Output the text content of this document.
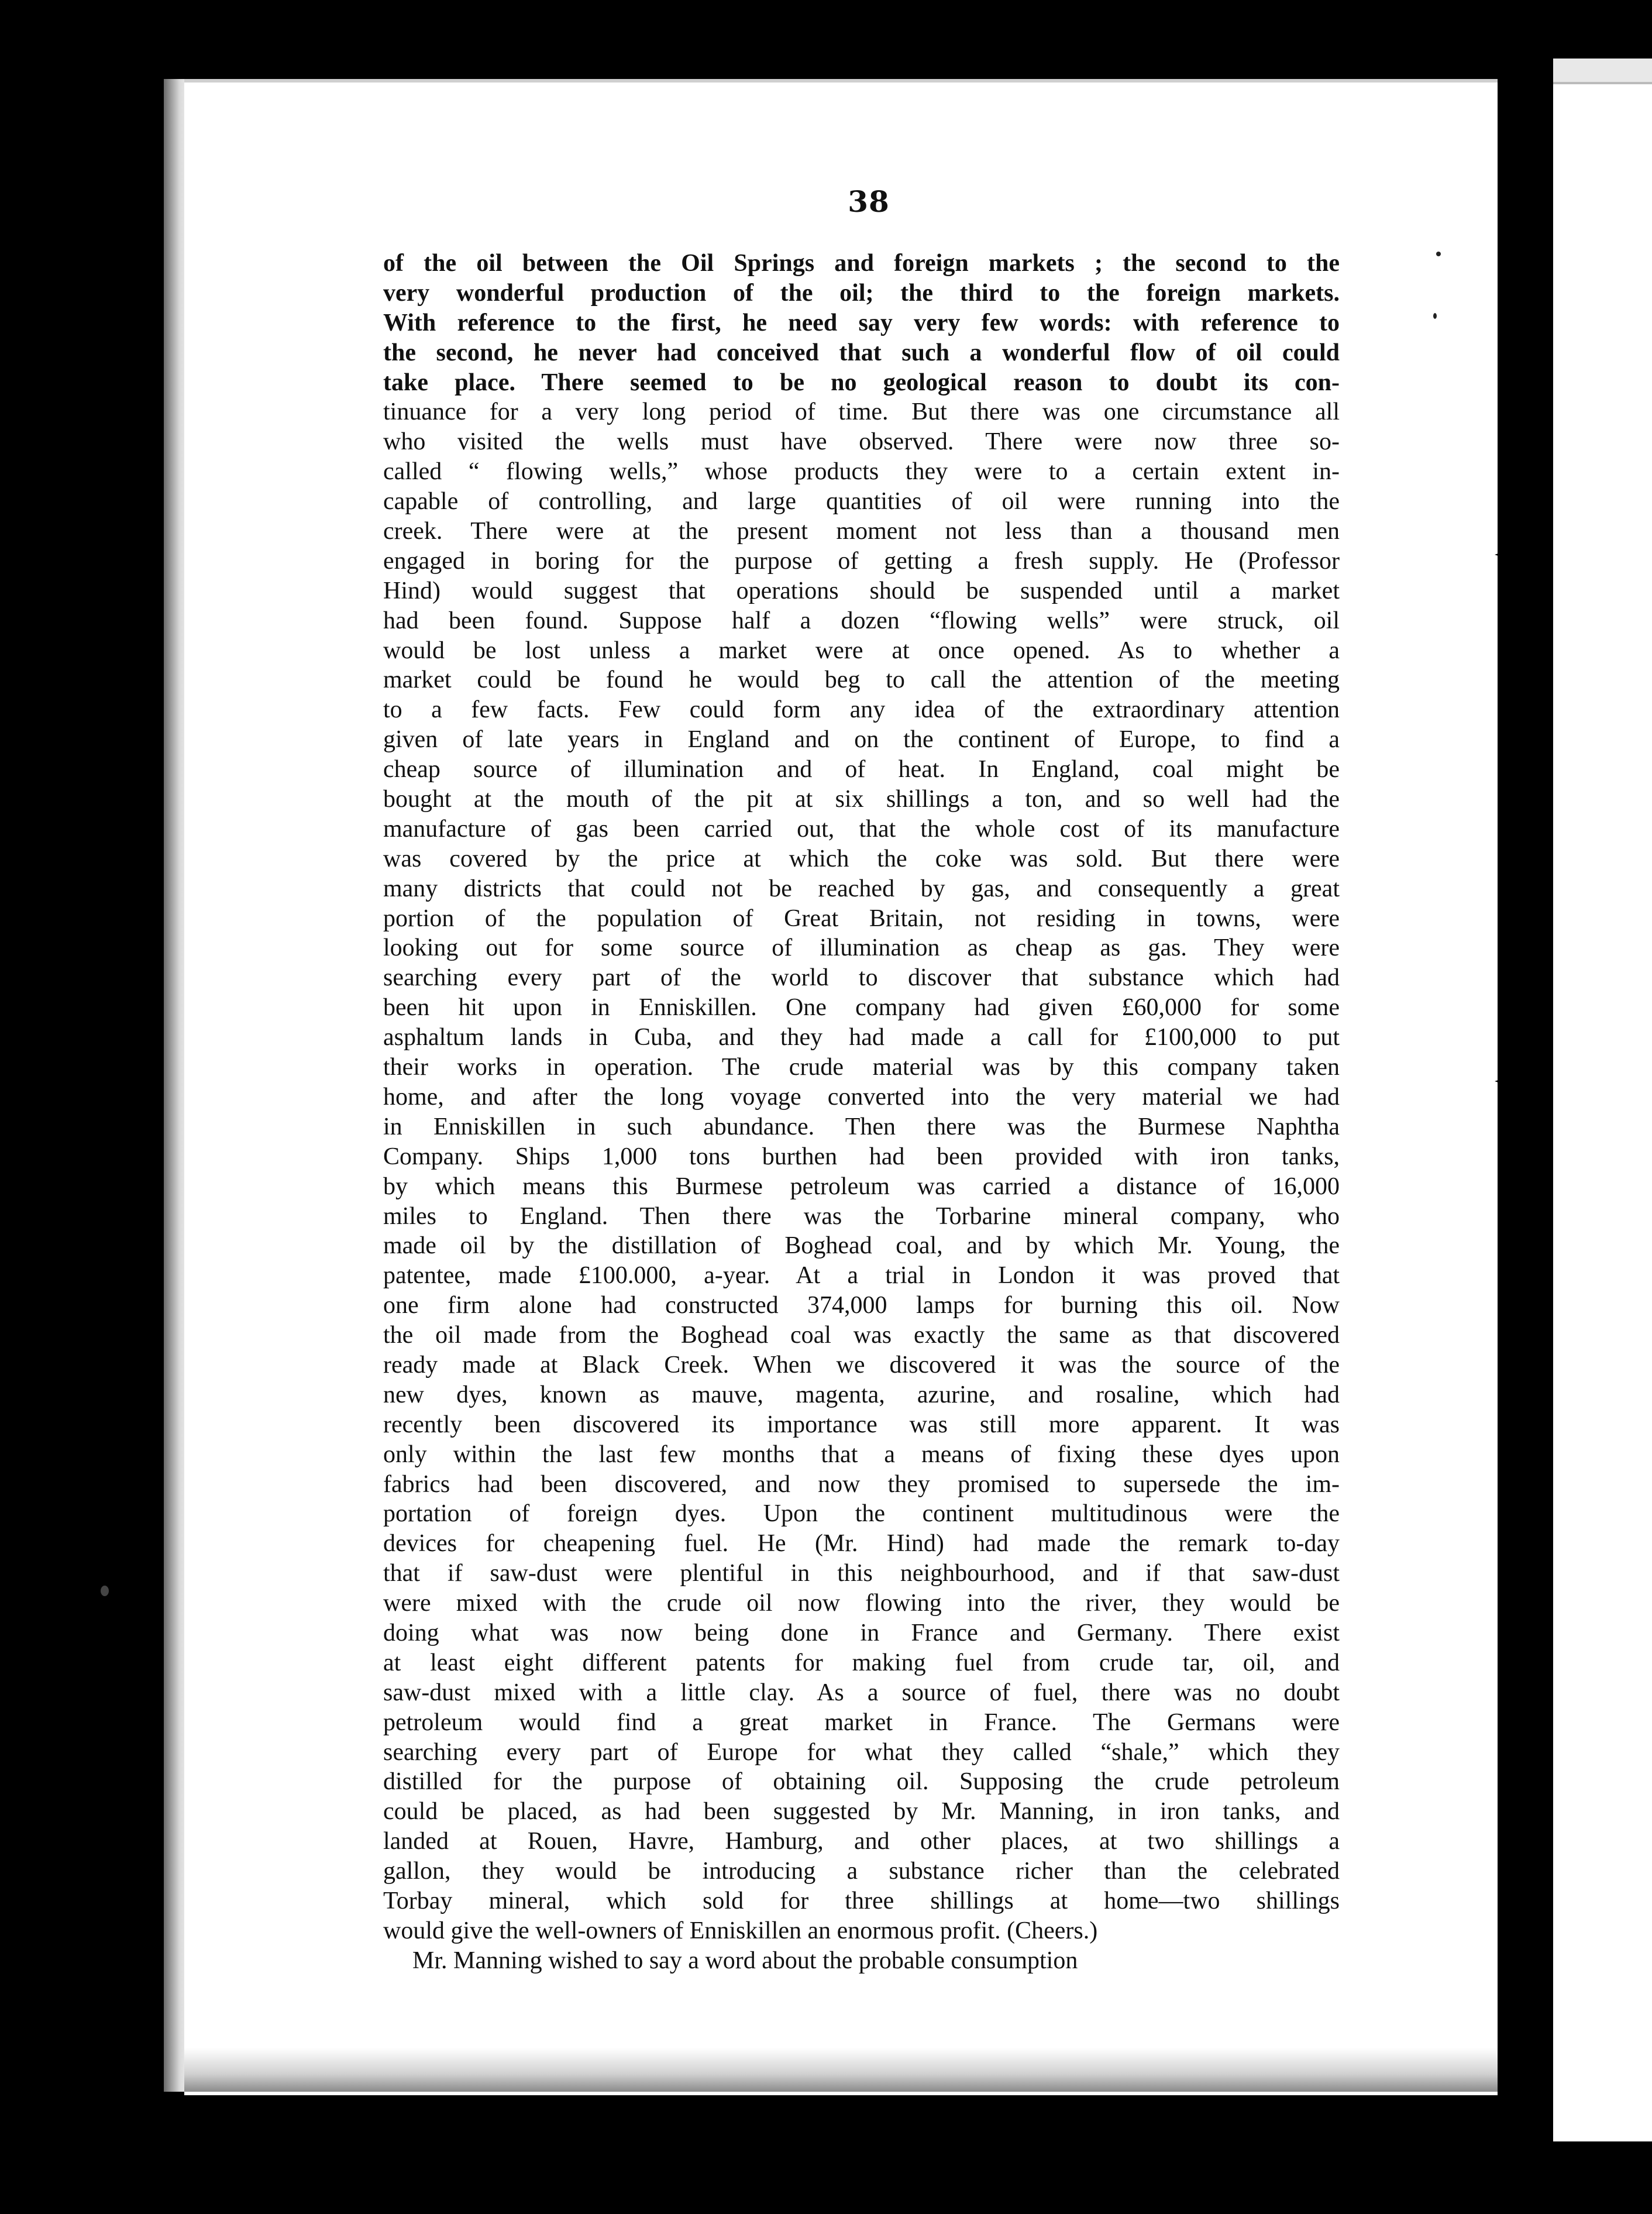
38
of the oil between the Oil Springs and foreign markets ; the second to the
very wonderful production of the oil; the third to the foreign markets.
With reference to the first, he need say very few words: with reference to
the second, he never had conceived that such a wonderful flow of oil could
take place. There seemed to be no geological reason to doubt its con-
tinuance for a very long period of time. But there was one circumstance all
who visited the wells must have observed. There were now three so-
called “ flowing wells,” whose products they were to a certain extent in-
capable of controlling, and large quantities of oil were running into the
creek. There were at the present moment not less than a thousand men
engaged in boring for the purpose of getting a fresh supply. He (Professor
Hind) would suggest that operations should be suspended until a market
had been found. Suppose half a dozen “flowing wells” were struck, oil
would be lost unless a market were at once opened. As to whether a
market could be found he would beg to call the attention of the meeting
to a few facts. Few could form any idea of the extraordinary attention
given of late years in England and on the continent of Europe, to find a
cheap source of illumination and of heat. In England, coal might be
bought at the mouth of the pit at six shillings a ton, and so well had the
manufacture of gas been carried out, that the whole cost of its manufacture
was covered by the price at which the coke was sold. But there were
many districts that could not be reached by gas, and consequently a great
portion of the population of Great Britain, not residing in towns, were
looking out for some source of illumination as cheap as gas. They were
searching every part of the world to discover that substance which had
been hit upon in Enniskillen. One company had given £60,000 for some
asphaltum lands in Cuba, and they had made a call for £100,000 to put
their works in operation. The crude material was by this company taken
home, and after the long voyage converted into the very material we had
in Enniskillen in such abundance. Then there was the Burmese Naphtha
Company. Ships 1,000 tons burthen had been provided with iron tanks,
by which means this Burmese petroleum was carried a distance of 16,000
miles to England. Then there was the Torbarine mineral company, who
made oil by the distillation of Boghead coal, and by which Mr. Young, the
patentee, made £100.000, a-year. At a trial in London it was proved that
one firm alone had constructed 374,000 lamps for burning this oil. Now
the oil made from the Boghead coal was exactly the same as that discovered
ready made at Black Creek. When we discovered it was the source of the
new dyes, known as mauve, magenta, azurine, and rosaline, which had
recently been discovered its importance was still more apparent. It was
only within the last few months that a means of fixing these dyes upon
fabrics had been discovered, and now they promised to supersede the im-
portation of foreign dyes. Upon the continent multitudinous were the
devices for cheapening fuel. He (Mr. Hind) had made the remark to-day
that if saw-dust were plentiful in this neighbourhood, and if that saw-dust
were mixed with the crude oil now flowing into the river, they would be
doing what was now being done in France and Germany. There exist
at least eight different patents for making fuel from crude tar, oil, and
saw-dust mixed with a little clay. As a source of fuel, there was no doubt
petroleum would find a great market in France. The Germans were
searching every part of Europe for what they called “shale,” which they
distilled for the purpose of obtaining oil. Supposing the crude petroleum
could be placed, as had been suggested by Mr. Manning, in iron tanks, and
landed at Rouen, Havre, Hamburg, and other places, at two shillings a
gallon, they would be introducing a substance richer than the celebrated
Torbay mineral, which sold for three shillings at home—two shillings
would give the well-owners of Enniskillen an enormous profit. (Cheers.)
Mr. Manning wished to say a word about the probable consumption
